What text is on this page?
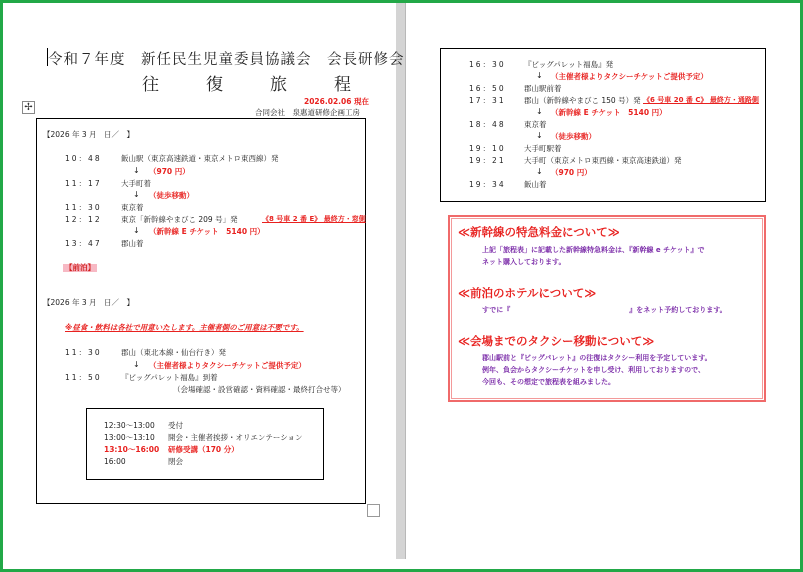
令和７年度　新任民生児童委員協議会　会長研修会
往　復　旅　程
2026.02.06 現在
合同会社　泉惠道研修企画工房
✢
【2026 年 3 月　日／　】
10：48	飯山駅（東京高速鉄道・東京メトロ東西線）発
↓ （970 円）
11：17	大手町着
↓ （徒歩移動）
11：30	東京着
12：12	東京「新幹線やまびこ 209 号」発	《8 号車 2 番 E》 最終方・窓側
↓ （新幹線 E チケット　5140 円）
13：47	郡山着
【前泊】
【2026 年 3 月　日／　】
※昼食・飲料は各社で用意いたします。主催者側のご用意は不要です。
11：30	郡山（東北本線・仙台行き）発
↓ （主催者様よりタクシーチケットご提供予定）
11：50	『ビッグパレット福島』到着
（会場確認・設営確認・資料確認・最終打合せ等）
12:30〜13:00 受付
13:00〜13:10 開会・主催者挨拶・オリエンテーション
13:10〜16:00 研修受講（170 分）
16:00	閉会
16：30 『ビッグパレット福島』発
↓ （主催者様よりタクシーチケットご提供予定）
16：50 郡山駅前着
17：31 郡山（新幹線やまびこ 150 号）発 《6 号車 20 番 C》 最終方・通路側
↓ （新幹線 E チケット　5140 円）
18：48 東京着
↓ （徒歩移動）
19：10 大手町駅着
19：21 大手町（東京メトロ東西線・東京高速鉄道）発
↓ （970 円）
19：34 飯山着
≪新幹線の特急料金について≫
上記「旅程表」に記載した新幹線特急料金は、『新幹線 e チケット』で
ネット購入しております。
≪前泊のホテルについて≫
すでに『　　　　　　　　　　　　　　　　　』をネット予約しております。
≪会場までのタクシー移動について≫
郡山駅前と『ビッグパレット』の往復はタクシー利用を予定しています。
例年、負会からタクシーチケットを申し受け、利用しておりますので、
今回も、その想定で旅程表を組みました。
